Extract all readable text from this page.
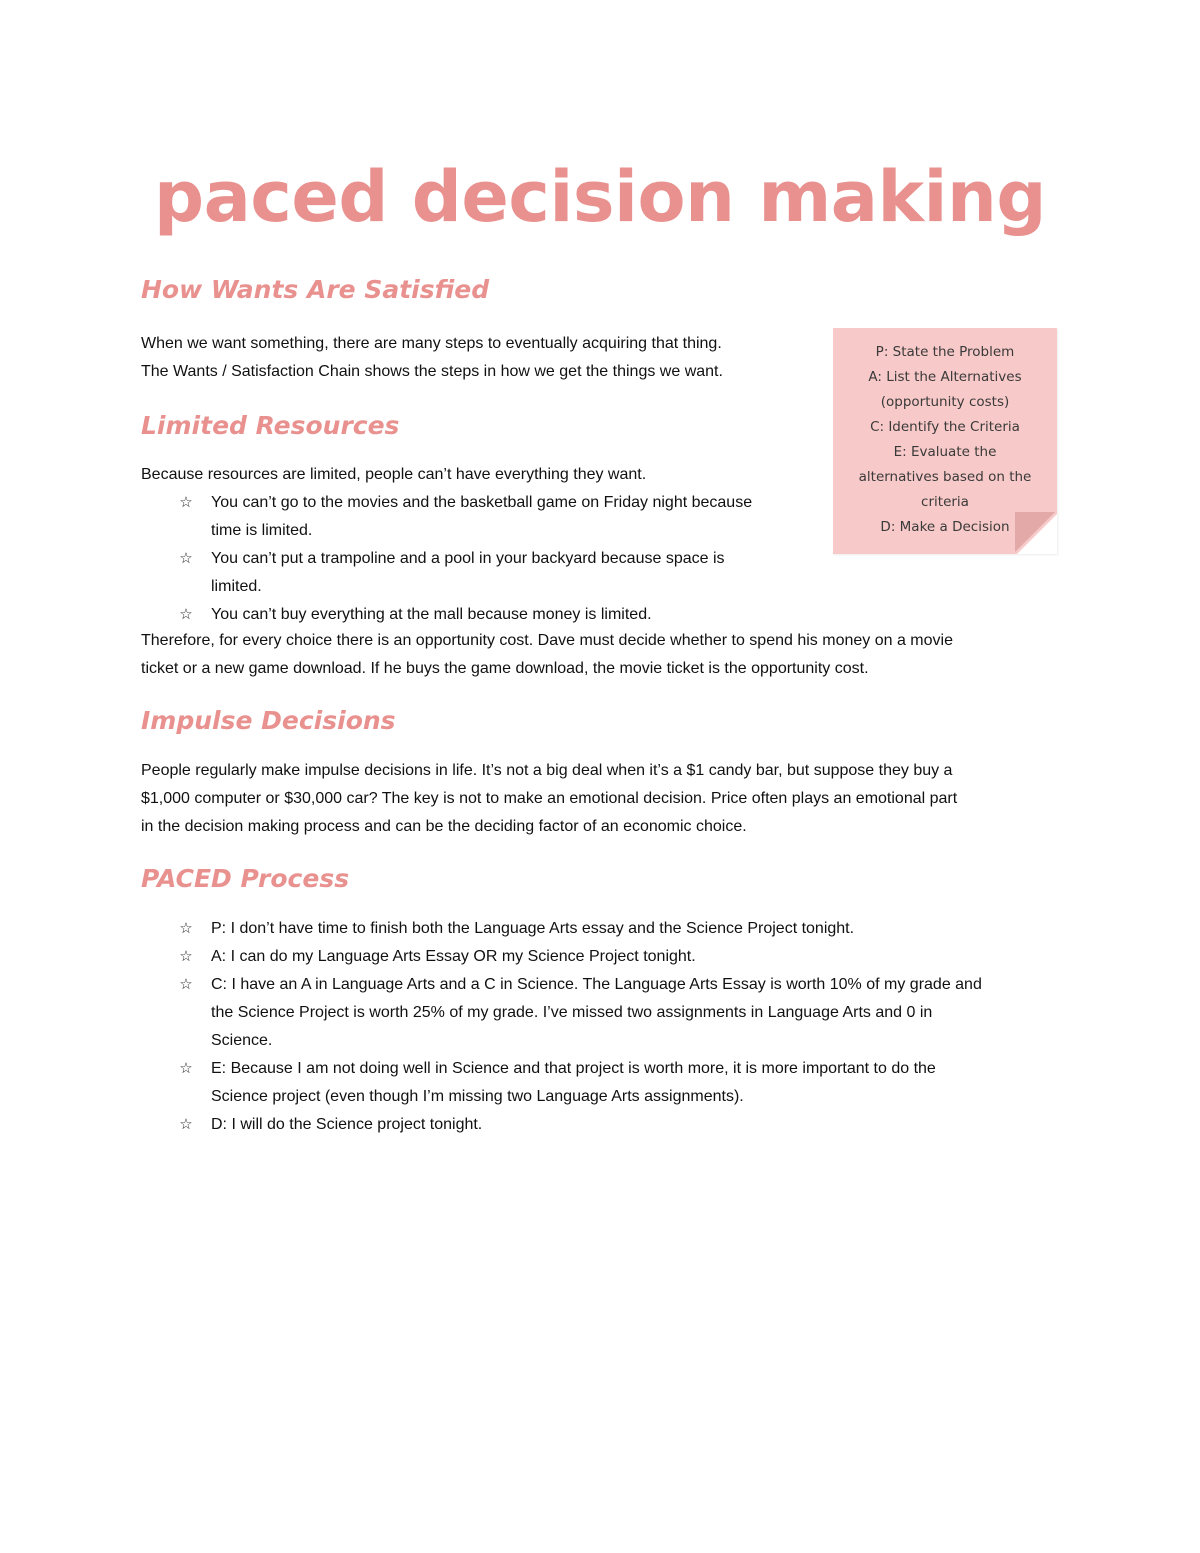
paced decision making
How Wants Are Satisfied

When we want something, there are many steps to eventually acquiring that thing.
The Wants / Satisfaction Chain shows the steps in how we get the things we want.

Limited Resources

Because resources are limited, people can’t have everything they want.

☆ You can’t go to the movies and the basketball game on Friday night because
time is limited.
☆ You can’t put a trampoline and a pool in your backyard because space is
limited.
☆ You can’t buy everything at the mall because money is limited.

Therefore, for every choice there is an opportunity cost. Dave must decide whether to spend his money on a movie
ticket or a new game download. If he buys the game download, the movie ticket is the opportunity cost.

Impulse Decisions

People regularly make impulse decisions in life. It’s not a big deal when it’s a $1 candy bar, but suppose they buy a
$1,000 computer or $30,000 car? The key is not to make an emotional decision. Price often plays an emotional part
in the decision making process and can be the deciding factor of an economic choice.

PACED Process
☆ P: I don’t have time to finish both the Language Arts essay and the Science Project tonight.
☆ A: I can do my Language Arts Essay OR my Science Project tonight.
☆ C: I have an A in Language Arts and a C in Science. The Language Arts Essay is worth 10% of my grade and
the Science Project is worth 25% of my grade. I’ve missed two assignments in Language Arts and 0 in
Science.
☆ E: Because I am not doing well in Science and that project is worth more, it is more important to do the
Science project (even though I’m missing two Language Arts assignments).
☆ D: I will do the Science project tonight.
P: State the Problem
A: List the Alternatives
(opportunity costs)
C: Identify the Criteria
E: Evaluate the
alternatives based on the
criteria
D: Make a Decision
